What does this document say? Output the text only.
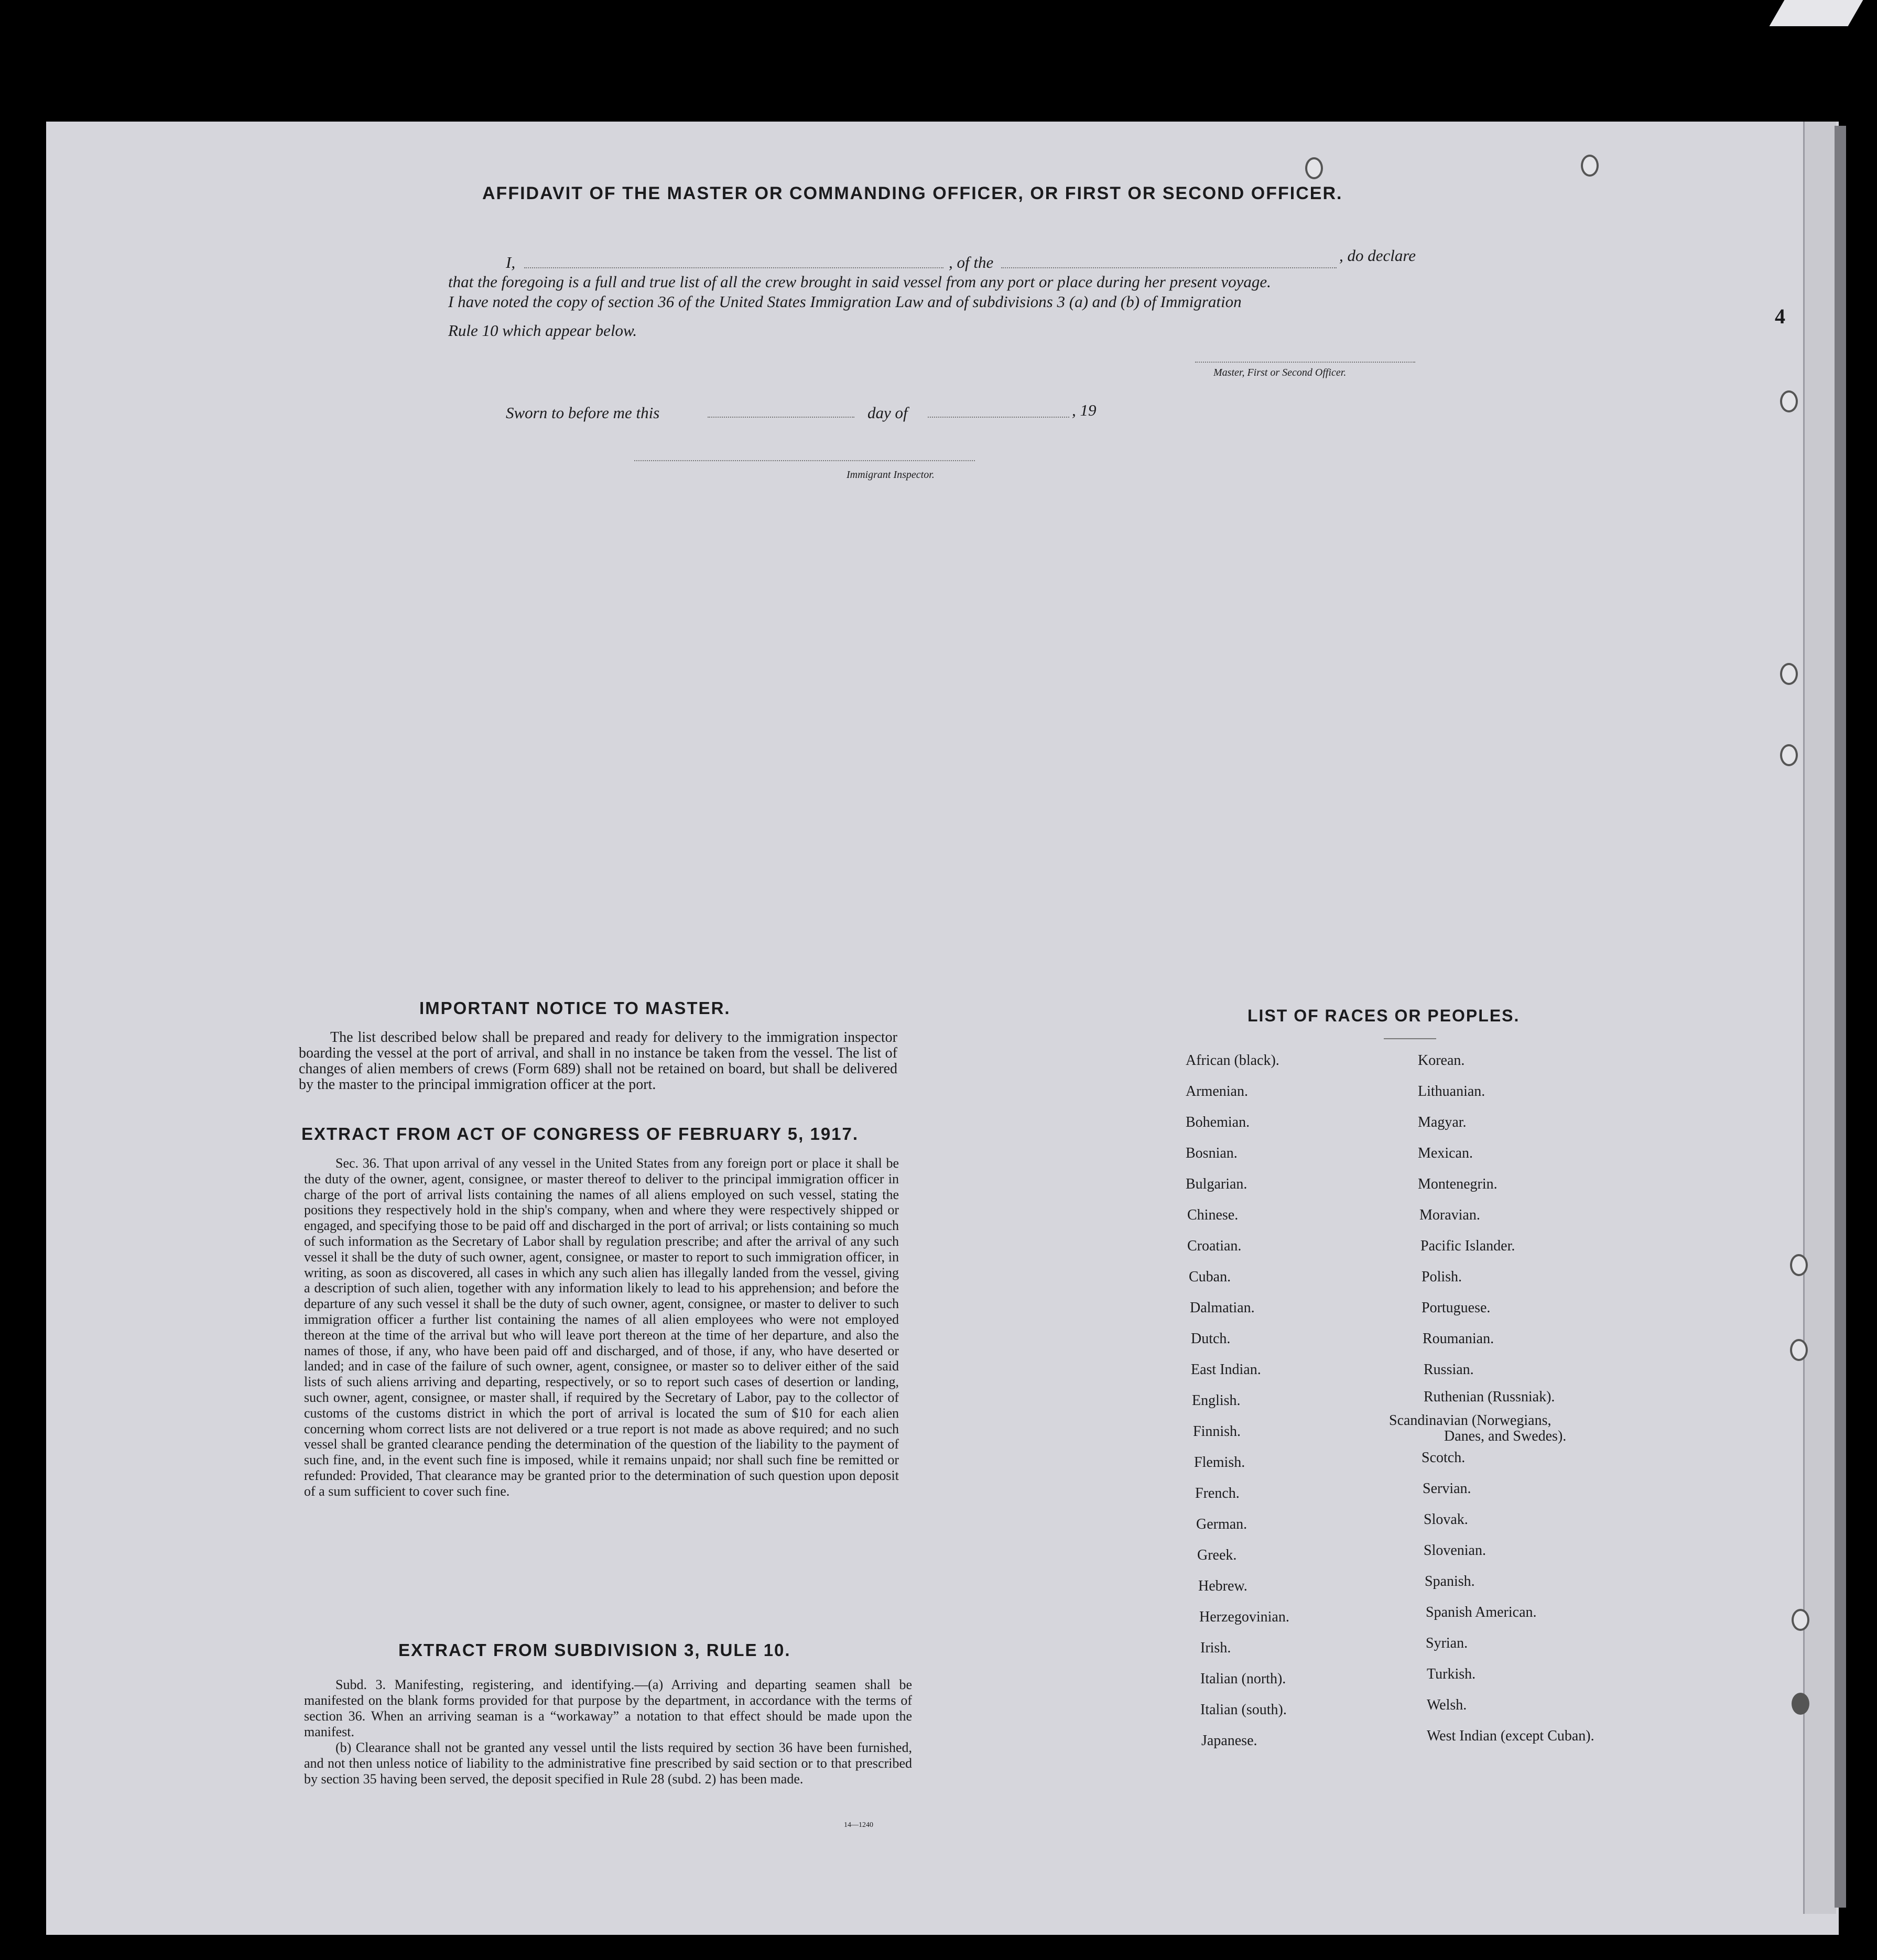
4
AFFIDAVIT OF THE MASTER OR COMMANDING OFFICER, OR FIRST OR SECOND OFFICER.
I,	, of the	, do declare
that the foregoing is a full and true list of all the crew brought in said vessel from any port or place during her present voyage.
I have noted the copy of section 36 of the United States Immigration Law and of subdivisions 3 (a) and (b) of Immigration
Rule 10 which appear below.
Master, First or Second Officer.
Sworn to before me this	day of	, 19
Immigrant Inspector.
IMPORTANT NOTICE TO MASTER.
The list described below shall be prepared and ready for delivery to the immigration inspector boarding the vessel at the port of arrival, and shall in no instance be taken from the vessel. The list of changes of alien members of crews (Form 689) shall not be retained on board, but shall be delivered by the master to the principal immigration officer at the port.
EXTRACT FROM ACT OF CONGRESS OF FEBRUARY 5, 1917.
Sec. 36. That upon arrival of any vessel in the United States from any foreign port or place it shall be the duty of the owner, agent, consignee, or master thereof to deliver to the principal immigration officer in charge of the port of arrival lists containing the names of all aliens employed on such vessel, stating the positions they respectively hold in the ship's company, when and where they were respectively shipped or engaged, and specifying those to be paid off and discharged in the port of arrival; or lists containing so much of such information as the Secretary of Labor shall by regulation prescribe; and after the arrival of any such vessel it shall be the duty of such owner, agent, consignee, or master to report to such immigration officer, in writing, as soon as discovered, all cases in which any such alien has illegally landed from the vessel, giving a description of such alien, together with any information likely to lead to his apprehension; and before the departure of any such vessel it shall be the duty of such owner, agent, consignee, or master to deliver to such immigration officer a further list containing the names of all alien employees who were not employed thereon at the time of the arrival but who will leave port thereon at the time of her departure, and also the names of those, if any, who have been paid off and discharged, and of those, if any, who have deserted or landed; and in case of the failure of such owner, agent, consignee, or master so to deliver either of the said lists of such aliens arriving and departing, respectively, or so to report such cases of desertion or landing, such owner, agent, consignee, or master shall, if required by the Secretary of Labor, pay to the collector of customs of the customs district in which the port of arrival is located the sum of $10 for each alien concerning whom correct lists are not delivered or a true report is not made as above required; and no such vessel shall be granted clearance pending the determination of the question of the liability to the payment of such fine, and, in the event such fine is imposed, while it remains unpaid; nor shall such fine be remitted or refunded: Provided, That clearance may be granted prior to the determination of such question upon deposit of a sum sufficient to cover such fine.
EXTRACT FROM SUBDIVISION 3, RULE 10.

Subd. 3. Manifesting, registering, and identifying.—(a) Arriving and departing seamen shall be manifested on the blank forms provided for that purpose by the department, in accordance with the terms of section 36. When an arriving seaman is a “workaway” a notation to that effect should be made upon the manifest.

(b) Clearance shall not be granted any vessel until the lists required by section 36 have been furnished, and not then unless notice of liability to the administrative fine prescribed by said section or to that prescribed by section 35 having been served, the deposit specified in Rule 28 (subd. 2) has been made.

14—1240
LIST OF RACES OR PEOPLES.
African (black).
Armenian.
Bohemian.
Bosnian.
Bulgarian.
Chinese.
Croatian.
Cuban.
Dalmatian.
Dutch.
East Indian.
English.
Finnish.
Flemish.
French.
German.
Greek.
Hebrew.
Herzegovinian.
Irish.
Italian (north).
Italian (south).
Japanese.
Korean.
Lithuanian.
Magyar.
Mexican.
Montenegrin.
Moravian.
Pacific Islander.
Polish.
Portuguese.
Roumanian.
Russian.
Ruthenian (Russniak).
Scandinavian (Norwegians,
Danes, and Swedes).
Scotch.
Servian.
Slovak.
Slovenian.
Spanish.
Spanish American.
Syrian.
Turkish.
Welsh.
West Indian (except Cuban).
